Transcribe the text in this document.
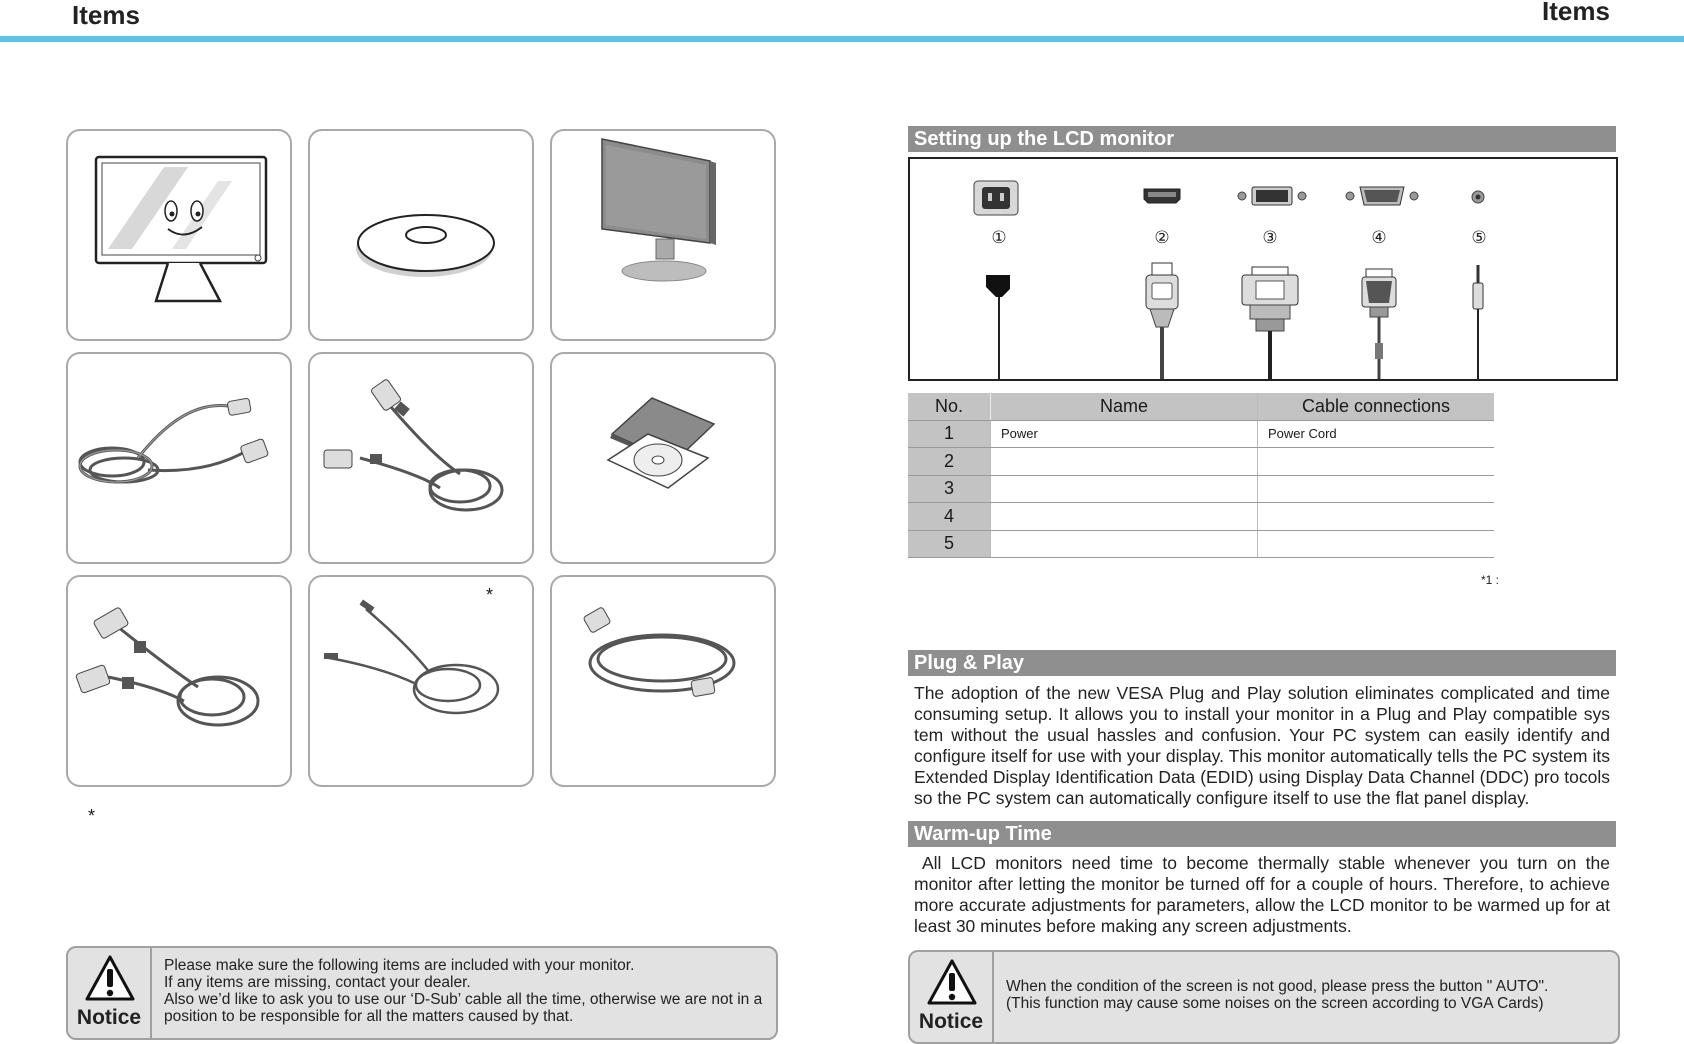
Items	Items
*
*
Notice
Please make sure the following items are included with your monitor.
If any items are missing, contact your dealer.
Also we’d like to ask you to use our ‘D-Sub’ cable all the time, otherwise we are not in a
position to be responsible for all the matters caused by that.
Setting up the LCD monitor
①	②	③	④	⑤
No.	Name	Cable connections
1	Power	Power Cord
2		
3		
4		
5		
*1 :
Plug & Play
The adoption of the new VESA Plug and Play solution eliminates complicated and time consuming setup. It allows you to install your monitor in a Plug and Play compatible sys tem without the usual hassles and confusion. Your PC system can easily identify and configure itself for use with your display. This monitor automatically tells the PC system its Extended Display Identification Data (EDID) using Display Data Channel (DDC) pro tocols so the PC system can automatically configure itself to use the flat panel display.
Warm-up Time
All LCD monitors need time to become thermally stable whenever you turn on the monitor after letting the monitor be turned off for a couple of hours. Therefore, to achieve more accurate adjustments for parameters, allow the LCD monitor to be warmed up for at least 30 minutes before making any screen adjustments.
Notice
When the condition of the screen is not good, please press the button " AUTO".
(This function may cause some noises on the screen according to VGA Cards)
